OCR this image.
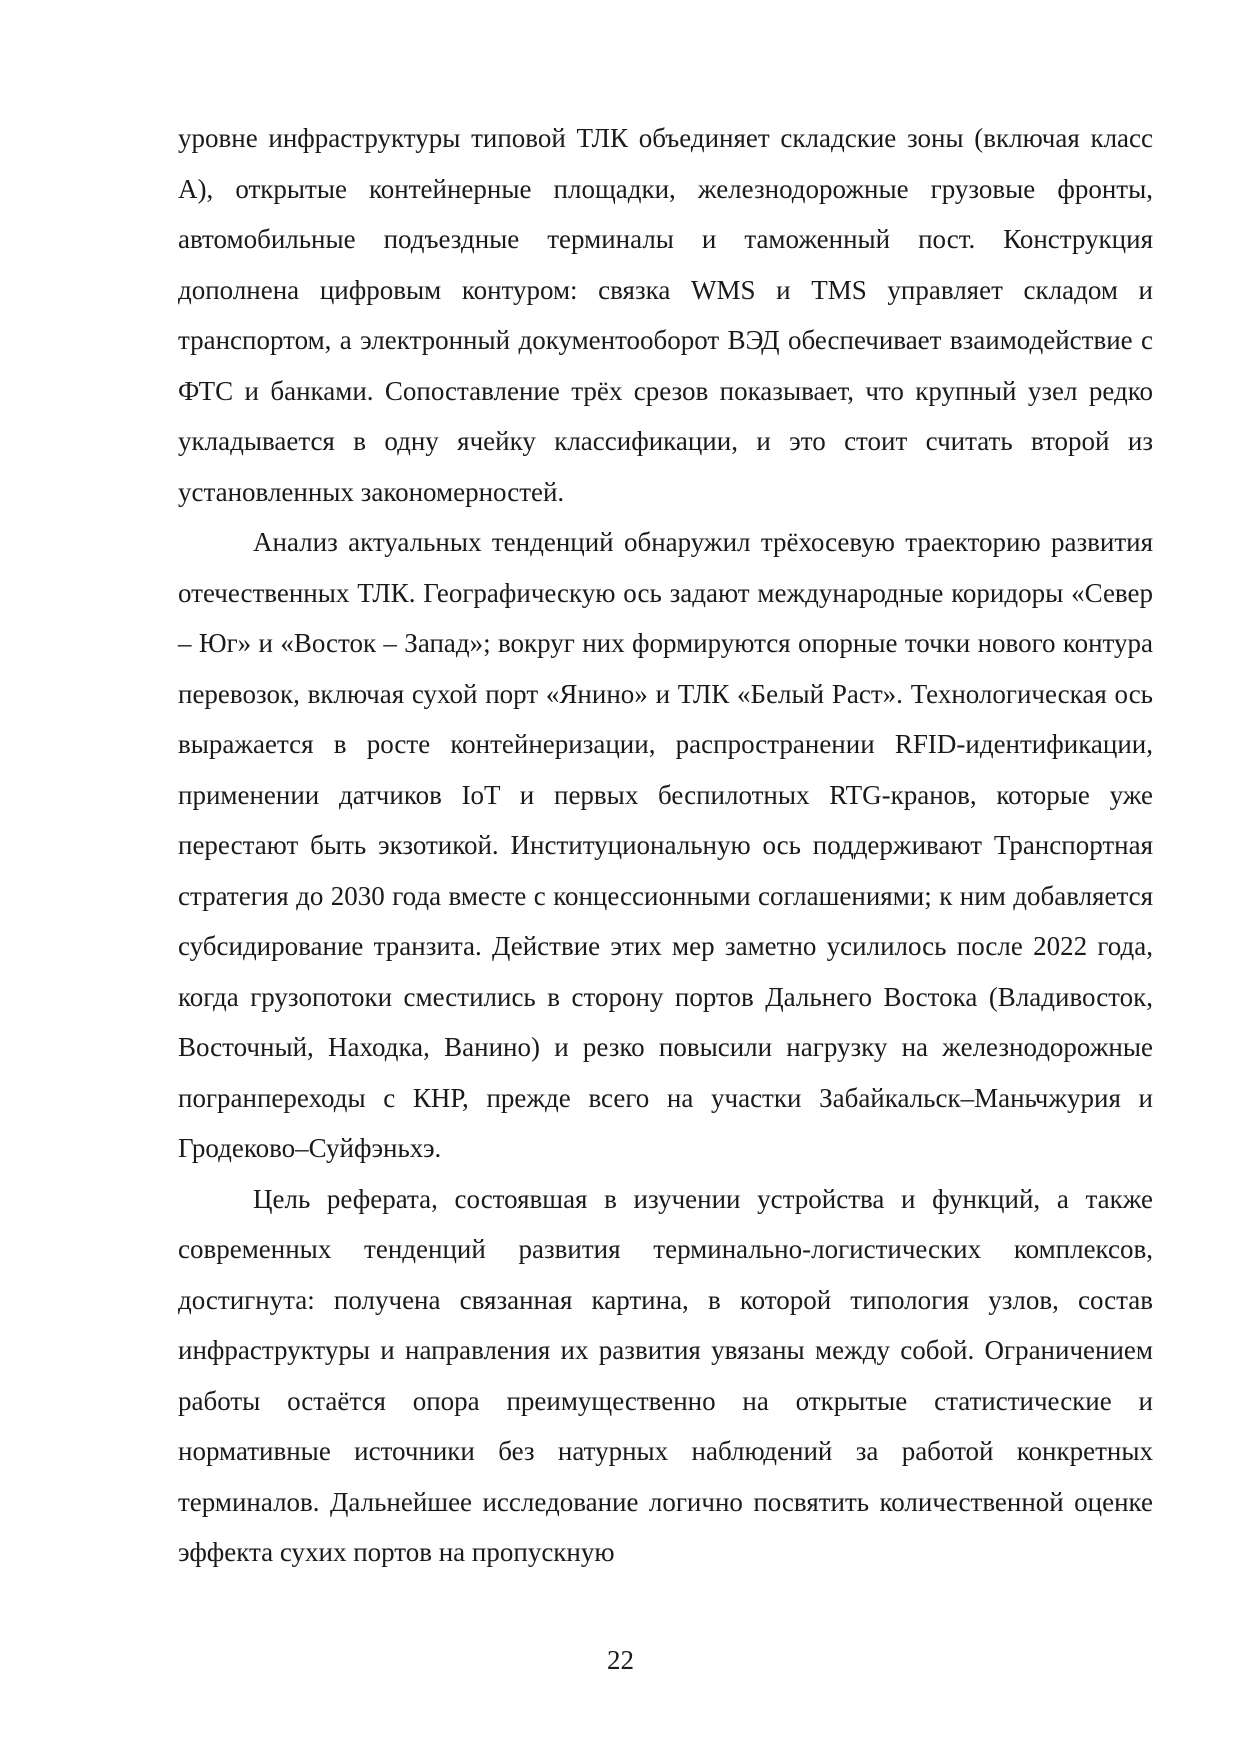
уровне инфраструктуры типовой ТЛК объединяет складские зоны (включая класс А), открытые контейнерные площадки, железнодорожные грузовые фронты, автомобильные подъездные терминалы и таможенный пост. Конструкция дополнена цифровым контуром: связка WMS и TMS управляет складом и транспортом, а электронный документооборот ВЭД обеспечивает взаимодействие с ФТС и банками. Сопоставление трёх срезов показывает, что крупный узел редко укладывается в одну ячейку классификации, и это стоит считать второй из установленных закономерностей.

Анализ актуальных тенденций обнаружил трёхосевую траекторию развития отечественных ТЛК. Географическую ось задают международные коридоры «Север – Юг» и «Восток – Запад»; вокруг них формируются опорные точки нового контура перевозок, включая сухой порт «Янино» и ТЛК «Белый Раст». Технологическая ось выражается в росте контейнеризации, распространении RFID-идентификации, применении датчиков IoT и первых беспилотных RTG-кранов, которые уже перестают быть экзотикой. Институциональную ось поддерживают Транспортная стратегия до 2030 года вместе с концессионными соглашениями; к ним добавляется субсидирование транзита. Действие этих мер заметно усилилось после 2022 года, когда грузопотоки сместились в сторону портов Дальнего Востока (Владивосток, Восточный, Находка, Ванино) и резко повысили нагрузку на железнодорожные погранпереходы с КНР, прежде всего на участки Забайкальск–Маньчжурия и Гродеково–Суйфэньхэ.

Цель реферата, состоявшая в изучении устройства и функций, а также современных тенденций развития терминально-логистических комплексов, достигнута: получена связанная картина, в которой типология узлов, состав инфраструктуры и направления их развития увязаны между собой. Ограничением работы остаётся опора преимущественно на открытые статистические и нормативные источники без натурных наблюдений за работой конкретных терминалов. Дальнейшее исследование логично посвятить количественной оценке эффекта сухих портов на пропускную

22
